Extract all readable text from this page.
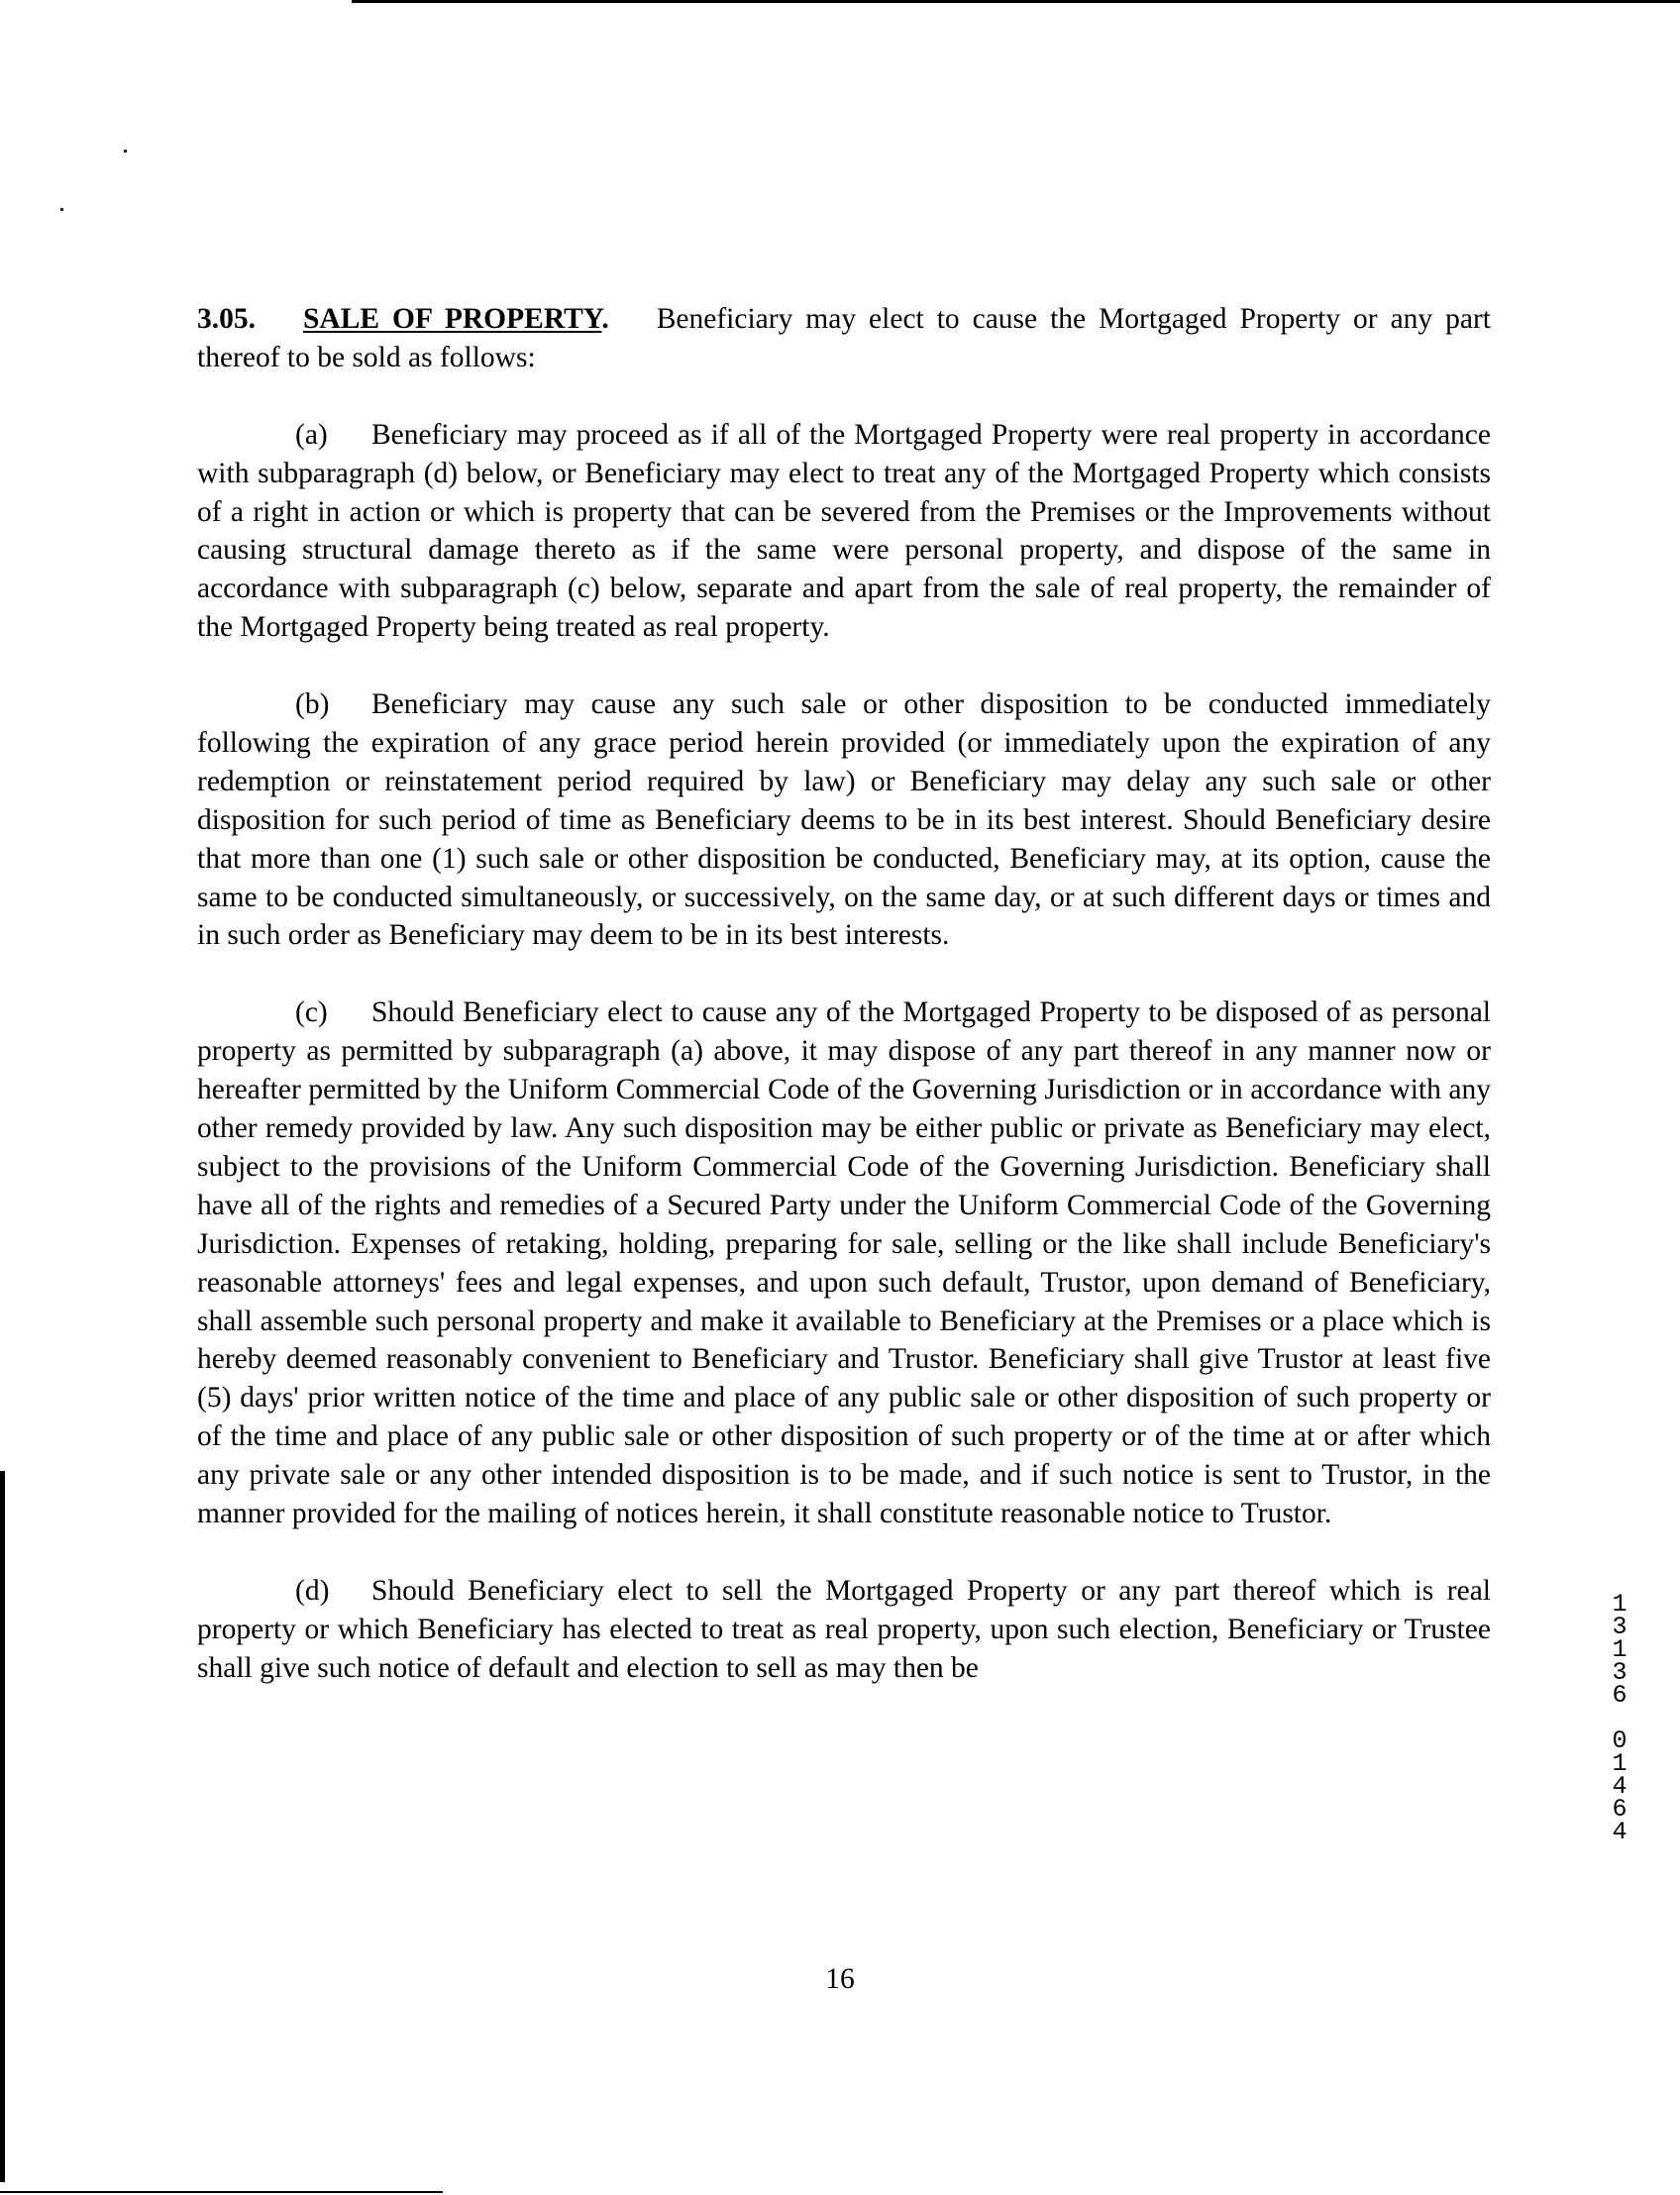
3.05. SALE OF PROPERTY. Beneficiary may elect to cause the Mortgaged Property or any part thereof to be sold as follows:

(a) Beneficiary may proceed as if all of the Mortgaged Property were real property in accordance with subparagraph (d) below, or Beneficiary may elect to treat any of the Mortgaged Property which consists of a right in action or which is property that can be severed from the Premises or the Improvements without causing structural damage thereto as if the same were personal property, and dispose of the same in accordance with subparagraph (c) below, separate and apart from the sale of real property, the remainder of the Mortgaged Property being treated as real property.

(b) Beneficiary may cause any such sale or other disposition to be conducted immediately following the expiration of any grace period herein provided (or immediately upon the expiration of any redemption or reinstatement period required by law) or Beneficiary may delay any such sale or other disposition for such period of time as Beneficiary deems to be in its best interest. Should Beneficiary desire that more than one (1) such sale or other disposition be conducted, Beneficiary may, at its option, cause the same to be conducted simultaneously, or successively, on the same day, or at such different days or times and in such order as Beneficiary may deem to be in its best interests.

(c) Should Beneficiary elect to cause any of the Mortgaged Property to be disposed of as personal property as permitted by subparagraph (a) above, it may dispose of any part thereof in any manner now or hereafter permitted by the Uniform Commercial Code of the Governing Jurisdiction or in accordance with any other remedy provided by law. Any such disposition may be either public or private as Beneficiary may elect, subject to the provisions of the Uniform Commercial Code of the Governing Jurisdiction. Beneficiary shall have all of the rights and remedies of a Secured Party under the Uniform Commercial Code of the Governing Jurisdiction. Expenses of retaking, holding, preparing for sale, selling or the like shall include Beneficiary's reasonable attorneys' fees and legal expenses, and upon such default, Trustor, upon demand of Beneficiary, shall assemble such personal property and make it available to Beneficiary at the Premises or a place which is hereby deemed reasonably convenient to Beneficiary and Trustor. Beneficiary shall give Trustor at least five (5) days' prior written notice of the time and place of any public sale or other disposition of such property or of the time and place of any public sale or other disposition of such property or of the time at or after which any private sale or any other intended disposition is to be made, and if such notice is sent to Trustor, in the manner provided for the mailing of notices herein, it shall constitute reasonable notice to Trustor.

(d) Should Beneficiary elect to sell the Mortgaged Property or any part thereof which is real property or which Beneficiary has elected to treat as real property, upon such election, Beneficiary or Trustee shall give such notice of default and election to sell as may then be

16
1
3
1
3
6
0
1
4
6
4
